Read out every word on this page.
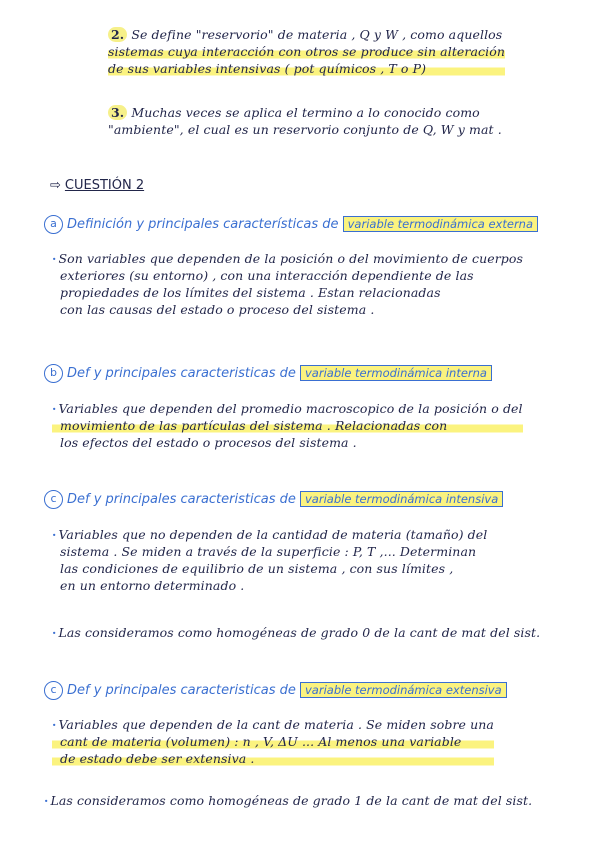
2. Se define "reservorio" de materia , Q y W , como aquellos
sistemas cuya interacción con otros se produce sin alteración
de sus variables intensivas ( pot químicos , T o P)
3. Muchas veces se aplica el termino a lo conocido como
"ambiente", el cual es un reservorio conjunto de Q, W y mat .
⇨ CUESTIÓN 2
a Definición y principales características de variable termodinámica externa
· Son variables que dependen de la posición o del movimiento de cuerpos
exteriores (su entorno) , con una interacción dependiente de las
propiedades de los límites del sistema . Estan relacionadas
con las causas del estado o proceso del sistema .
b Def y principales caracteristicas de variable termodinámica interna
· Variables que dependen del promedio macroscopico de la posición o del
movimiento de las partículas del sistema . Relacionadas con
los efectos del estado o procesos del sistema .
c Def y principales caracteristicas de variable termodinámica intensiva
· Variables que no dependen de la cantidad de materia (tamaño) del
sistema . Se miden a través de la superficie : P, T ,... Determinan
las condiciones de equilibrio de un sistema , con sus límites ,
en un entorno determinado .
· Las consideramos como homogéneas de grado 0 de la cant de mat del sist.
c Def y principales caracteristicas de variable termodinámica extensiva
· Variables que dependen de la cant de materia . Se miden sobre una
cant de materia (volumen) : n , V, ΔU ... Al menos una variable
de estado debe ser extensiva .
· Las consideramos como homogéneas de grado 1 de la cant de mat del sist.
